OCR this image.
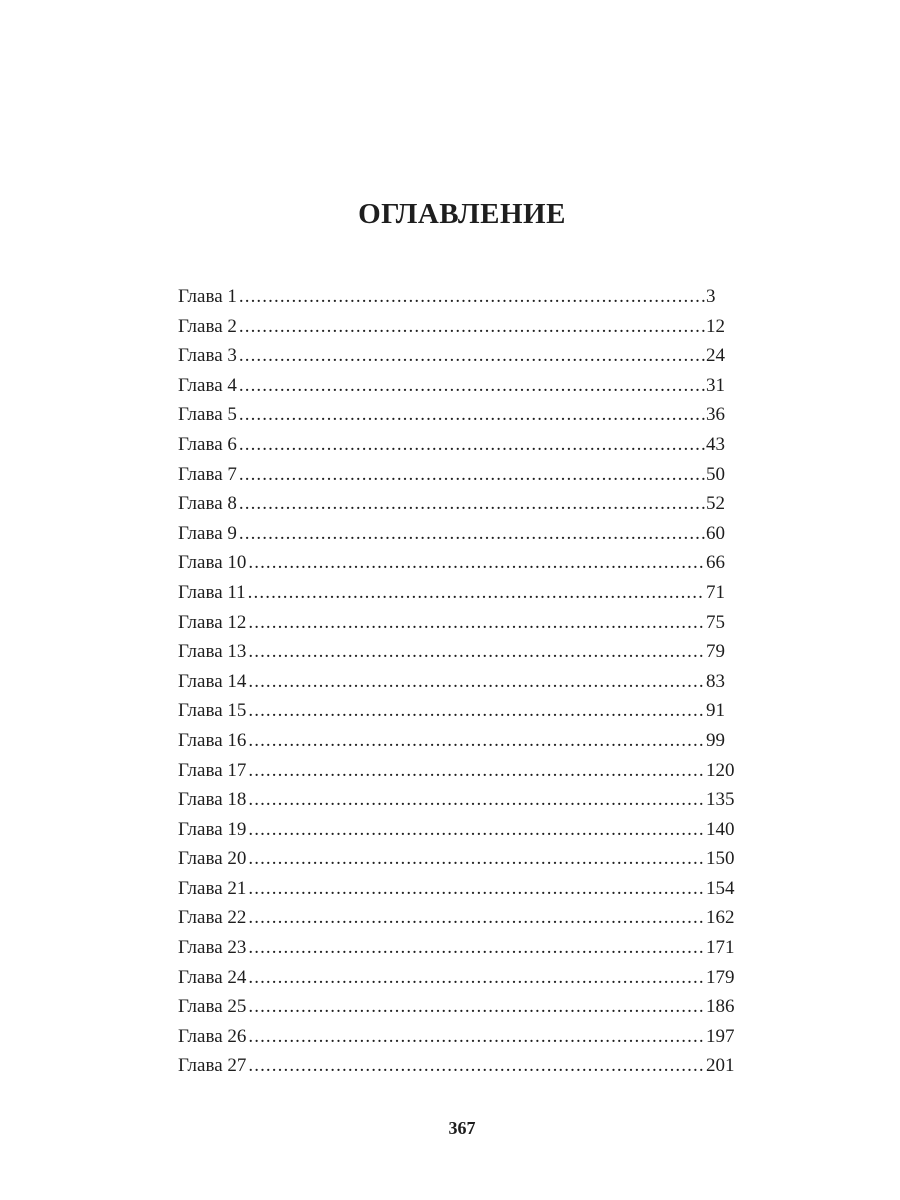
ОГЛАВЛЕНИЕ
Глава 1 .....	3
Глава 2 .....	12
Глава 3 .....	24
Глава 4 .....	31
Глава 5 .....	36
Глава 6 .....	43
Глава 7 .....	50
Глава 8 .....	52
Глава 9 .....	60
Глава 10 .....	66
Глава 11 .....	71
Глава 12 .....	75
Глава 13 .....	79
Глава 14 .....	83
Глава 15 .....	91
Глава 16 .....	99
Глава 17 .....	120
Глава 18 .....	135
Глава 19 .....	140
Глава 20 .....	150
Глава 21 .....	154
Глава 22 .....	162
Глава 23 .....	171
Глава 24 .....	179
Глава 25 .....	186
Глава 26 .....	197
Глава 27 .....	201
367
